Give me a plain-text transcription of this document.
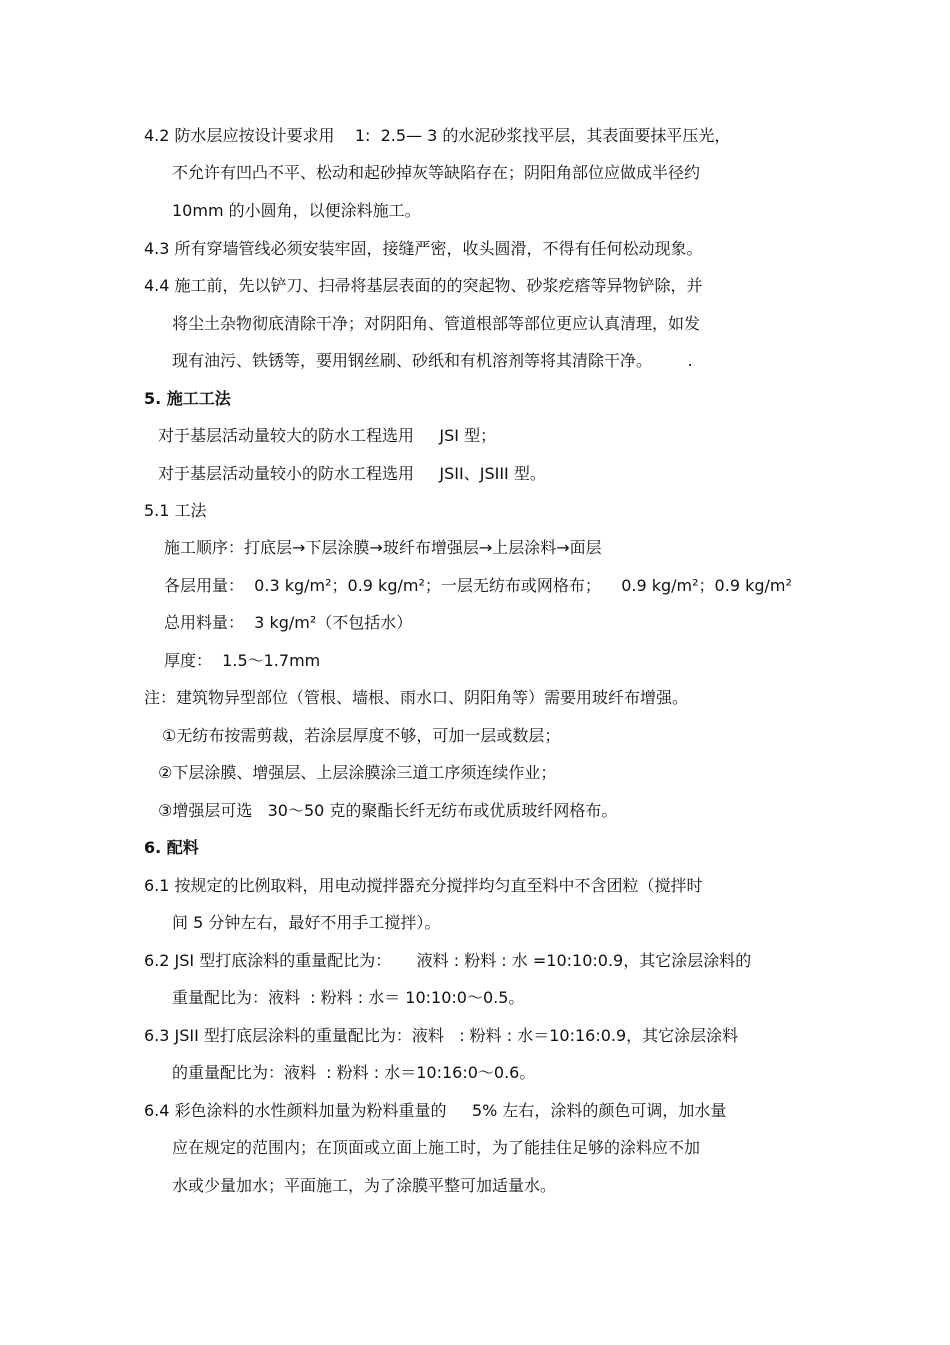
4.2 防水层应按设计要求用    1:  2.5— 3 的水泥砂浆找平层，其表面要抹平压光，
不允许有凹凸不平、松动和起砂掉灰等缺陷存在；阴阳角部位应做成半径约
10mm 的小圆角，以便涂料施工。
4.3 所有穿墙管线必须安装牢固，接缝严密，收头圆滑，不得有任何松动现象。
4.4 施工前，先以铲刀、扫帚将基层表面的的突起物、砂浆疙瘩等异物铲除，并
将尘土杂物彻底清除干净；对阴阳角、管道根部等部位更应认真清理，如发
现有油污、铁锈等，要用钢丝刷、砂纸和有机溶剂等将其清除干净。       .
5. 施工工法
对于基层活动量较大的防水工程选用     JSI 型；
对于基层活动量较小的防水工程选用     JSII、JSIII 型。
5.1 工法
施工顺序：打底层→下层涂膜→玻纤布增强层→上层涂料→面层
各层用量：  0.3 kg/m²；0.9 kg/m²；一层无纺布或网格布；    0.9 kg/m²；0.9 kg/m²
总用料量：  3 kg/m²（不包括水）
厚度：  1.5～1.7mm
注：建筑物异型部位（管根、墙根、雨水口、阴阳角等）需要用玻纤布增强。
①无纺布按需剪裁，若涂层厚度不够，可加一层或数层；
②下层涂膜、增强层、上层涂膜涂三道工序须连续作业；
③增强层可选   30～50 克的聚酯长纤无纺布或优质玻纤网格布。
6. 配料
6.1 按规定的比例取料，用电动搅拌器充分搅拌均匀直至料中不含团粒（搅拌时
间 5 分钟左右，最好不用手工搅拌）。
6.2 JSI 型打底涂料的重量配比为：     液料 : 粉料 : 水 =10:10:0.9，其它涂层涂料的
重量配比为：液料  : 粉料 : 水＝ 10:10:0～0.5。
6.3 JSII 型打底层涂料的重量配比为：液料   : 粉料 : 水＝10:16:0.9，其它涂层涂料
的重量配比为：液料  : 粉料 : 水＝10:16:0～0.6。
6.4 彩色涂料的水性颜料加量为粉料重量的     5% 左右，涂料的颜色可调，加水量
应在规定的范围内；在顶面或立面上施工时，为了能挂住足够的涂料应不加
水或少量加水；平面施工，为了涂膜平整可加适量水。
